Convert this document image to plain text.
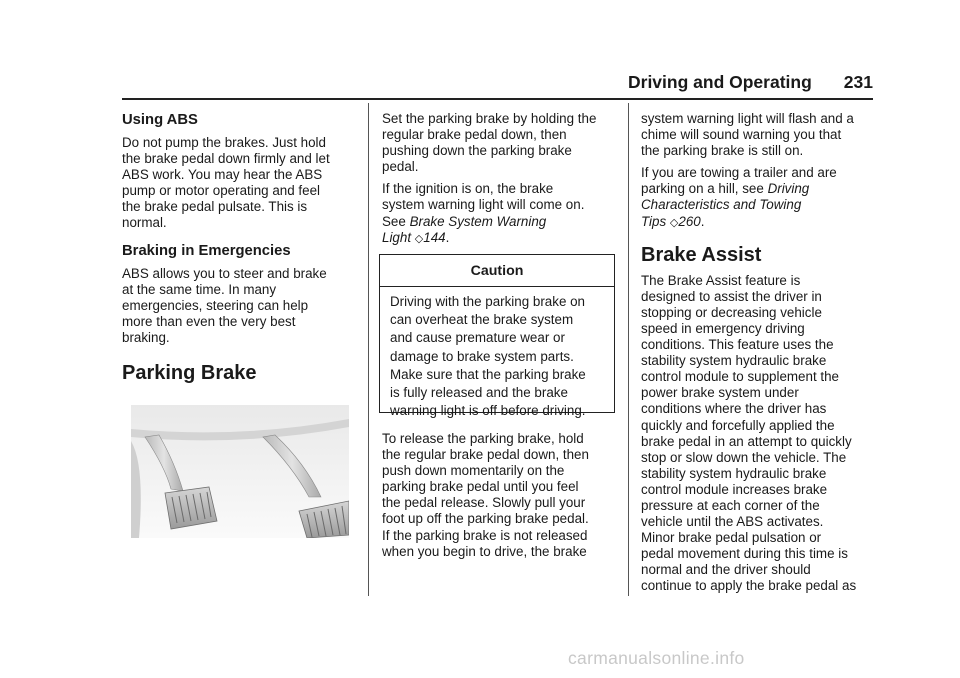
Driving and Operating 231
Using ABS

Do not pump the brakes. Just hold
the brake pedal down firmly and let
ABS work. You may hear the ABS
pump or motor operating and feel
the brake pedal pulsate. This is
normal.

Braking in Emergencies

ABS allows you to steer and brake
at the same time. In many
emergencies, steering can help
more than even the very best
braking.

Parking Brake

Set the parking brake by holding the
regular brake pedal down, then
pushing down the parking brake
pedal.

If the ignition is on, the brake
system warning light will come on.
See Brake System Warning
Light ◇144.

Caution
Driving with the parking brake on
can overheat the brake system
and cause premature wear or
damage to brake system parts.
Make sure that the parking brake
is fully released and the brake
warning light is off before driving.

To release the parking brake, hold
the regular brake pedal down, then
push down momentarily on the
parking brake pedal until you feel
the pedal release. Slowly pull your
foot up off the parking brake pedal.
If the parking brake is not released
when you begin to drive, the brake

system warning light will flash and a
chime will sound warning you that
the parking brake is still on.

If you are towing a trailer and are
parking on a hill, see Driving
Characteristics and Towing
Tips ◇260.

Brake Assist

The Brake Assist feature is
designed to assist the driver in
stopping or decreasing vehicle
speed in emergency driving
conditions. This feature uses the
stability system hydraulic brake
control module to supplement the
power brake system under
conditions where the driver has
quickly and forcefully applied the
brake pedal in an attempt to quickly
stop or slow down the vehicle. The
stability system hydraulic brake
control module increases brake
pressure at each corner of the
vehicle until the ABS activates.
Minor brake pedal pulsation or
pedal movement during this time is
normal and the driver should
continue to apply the brake pedal as

carmanualsonline.info
